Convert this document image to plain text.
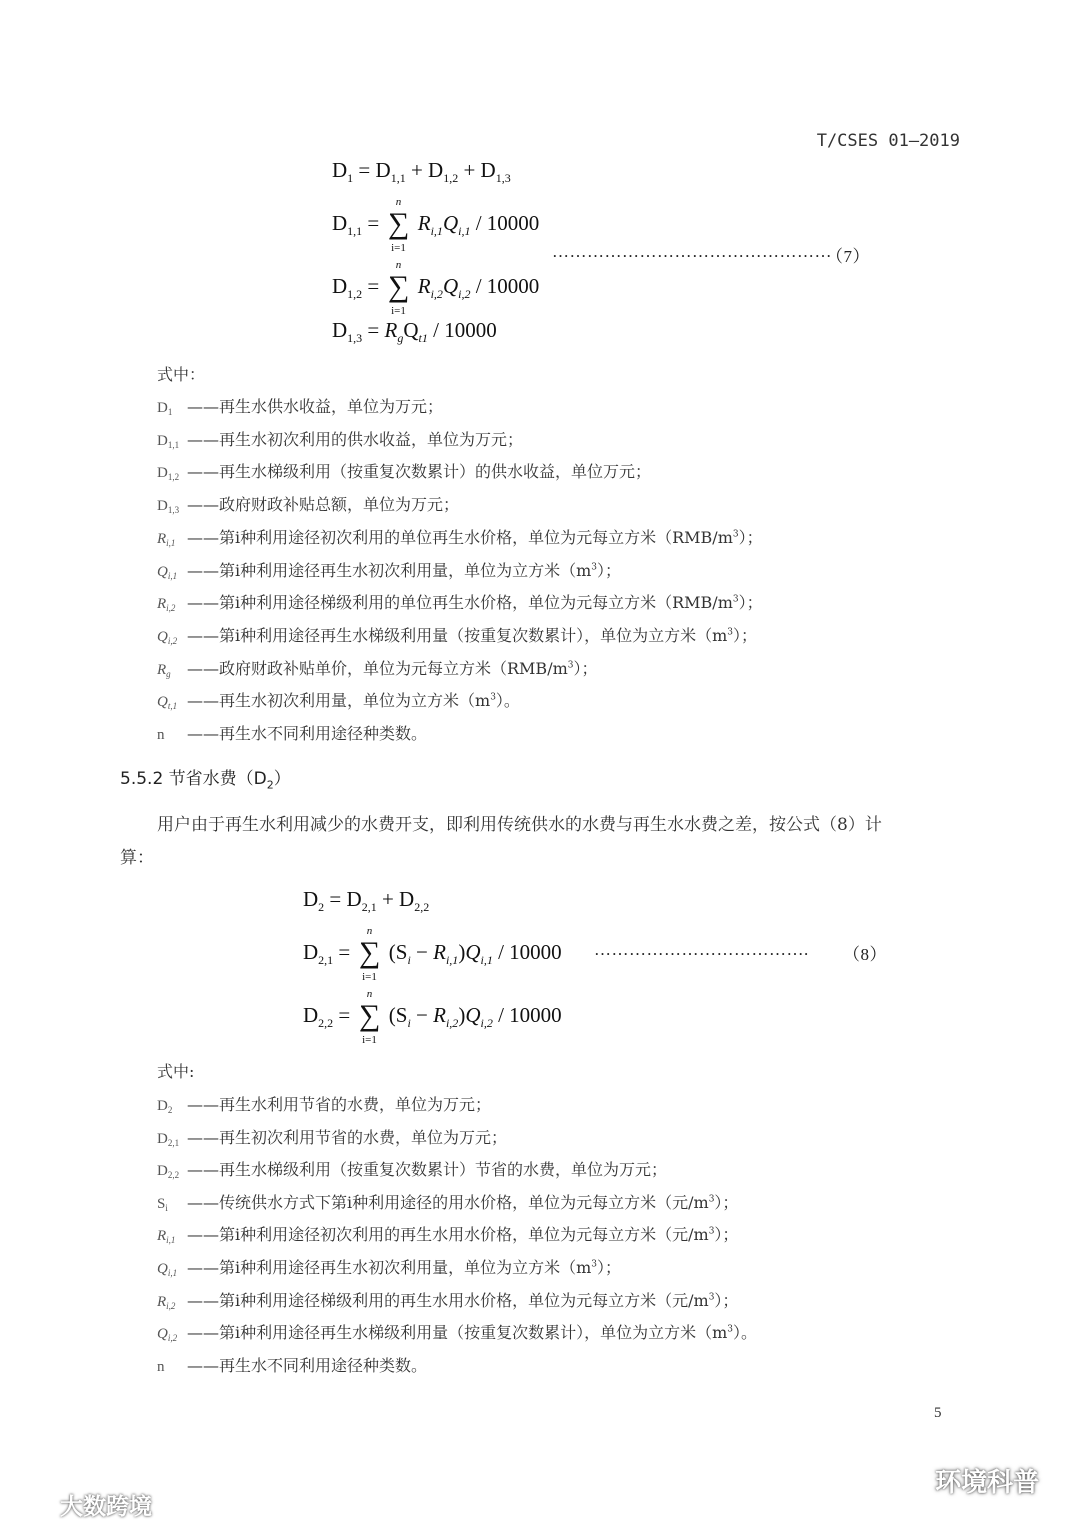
T/CSES 01—2019
$D_1 = D_{1,1} + D_{1,2} + D_{1,3}$
$D_{1,1}$ =
n
∑
i=1
$R_{i,1}Q_{i,1} / 10000$
$D_{1,2}$ =
n
∑
i=1
$R_{i,2}Q_{i,2} / 10000$
$D_{1,3} = R_gQ_{t1} / 10000$
…………………………………………
（7）
式中：
$D_1$ ——再生水供水收益，单位为万元；
$D_{1,1}$ ——再生水初次利用的供水收益，单位为万元；
$D_{1,2}$ ——再生水梯级利用（按重复次数累计）的供水收益，单位万元；
$D_{1,3}$ ——政府财政补贴总额，单位为万元；
$R_{i,1}$ ——第i种利用途径初次利用的单位再生水价格，单位为元每立方米$(RMB/m^3)$；
$Q_{i,1}$ ——第i种利用途径再生水初次利用量，单位为立方米$(m^3)$；
$R_{i,2}$ ——第i种利用途径梯级利用的单位再生水价格，单位为元每立方米$(RMB/m^3)$；
$Q_{i,2}$ ——第i种利用途径再生水梯级利用量（按重复次数累计），单位为立方米$(m^3)$；
$R_g$ ——政府财政补贴单价，单位为元每立方米$(RMB/m^3)$；
$Q_{t,1}$ ——再生水初次利用量，单位为立方米$(m^3)$。
n ——再生水不同利用途径种类数。
5.5.2 节省水费$(D_2)$
用户由于再生水利用减少的水费开支，即利用传统供水的水费与再生水水费之差，按公式（8）计
算：
$D_2 = D_{2,1} + D_{2,2}$
$D_{2,1}$ =
n
∑
i=1
$(S_i - R_{i,1})Q_{i,1} / 10000$
$D_{2,2}$ =
n
∑
i=1
$(S_i - R_{i,2})Q_{i,2} / 10000$
………………………………. （8）
式中:
$D_2$ ——再生水利用节省的水费，单位为万元；
$D_{2,1}$ ——再生初次利用节省的水费，单位为万元；
$D_{2,2}$ ——再生水梯级利用（按重复次数累计）节省的水费，单位为万元；
$S_i$ ——传统供水方式下第i种利用途径的用水价格，单位为元每立方米（元$/m^3$）；
$R_{i,1}$ ——第i种利用途径初次利用的再生水用水价格，单位为元每立方米（元$/m^3$）；
$Q_{i,1}$ ——第i种利用途径再生水初次利用量，单位为立方米$(m^3)$；
$R_{i,2}$ ——第i种利用途径梯级利用的再生水用水价格，单位为元每立方米（元$/m^3$）；
$Q_{i,2}$ ——第i种利用途径再生水梯级利用量（按重复次数累计），单位为立方米$(m^3)$。
n ——再生水不同利用途径种类数。
5
大数跨境
环境科普
